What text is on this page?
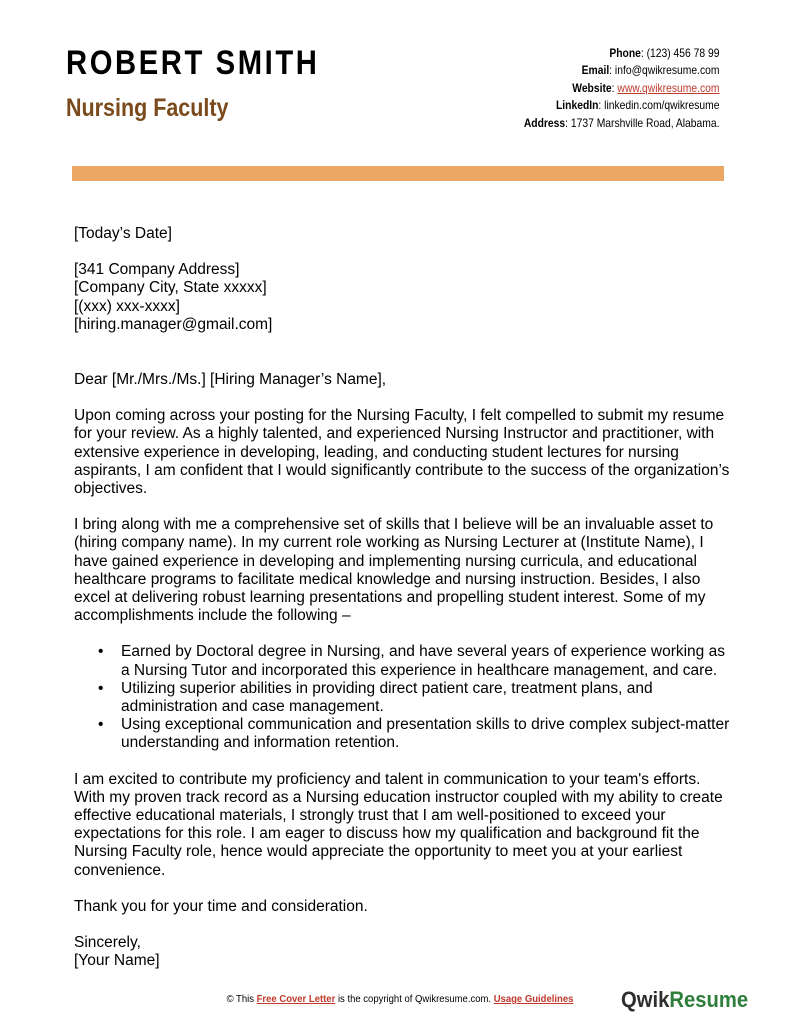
ROBERT SMITH
Nursing Faculty
Phone: (123) 456 78 99
Email: info@qwikresume.com
Website: www.qwikresume.com
LinkedIn: linkedin.com/qwikresume
Address: 1737 Marshville Road, Alabama.

[Today’s Date]

[341 Company Address]
[Company City, State xxxxx]
[(xxx) xxx-xxxx]
[hiring.manager@gmail.com]

Dear [Mr./Mrs./Ms.] [Hiring Manager’s Name],

Upon coming across your posting for the Nursing Faculty, I felt compelled to submit my resume for your review. As a highly talented, and experienced Nursing Instructor and practitioner, with extensive experience in developing, leading, and conducting student lectures for nursing aspirants, I am confident that I would significantly contribute to the success of the organization’s objectives.

I bring along with me a comprehensive set of skills that I believe will be an invaluable asset to (hiring company name). In my current role working as Nursing Lecturer at (Institute Name), I have gained experience in developing and implementing nursing curricula, and educational healthcare programs to facilitate medical knowledge and nursing instruction. Besides, I also excel at delivering robust learning presentations and propelling student interest. Some of my accomplishments include the following –

• Earned by Doctoral degree in Nursing, and have several years of experience working as a Nursing Tutor and incorporated this experience in healthcare management, and care.
• Utilizing superior abilities in providing direct patient care, treatment plans, and administration and case management.
• Using exceptional communication and presentation skills to drive complex subject-matter understanding and information retention.

I am excited to contribute my proficiency and talent in communication to your team's efforts. With my proven track record as a Nursing education instructor coupled with my ability to create effective educational materials, I strongly trust that I am well-positioned to exceed your expectations for this role. I am eager to discuss how my qualification and background fit the Nursing Faculty role, hence would appreciate the opportunity to meet you at your earliest convenience.

Thank you for your time and consideration.

Sincerely,
[Your Name]

© This Free Cover Letter is the copyright of Qwikresume.com. Usage Guidelines	QwikResume
